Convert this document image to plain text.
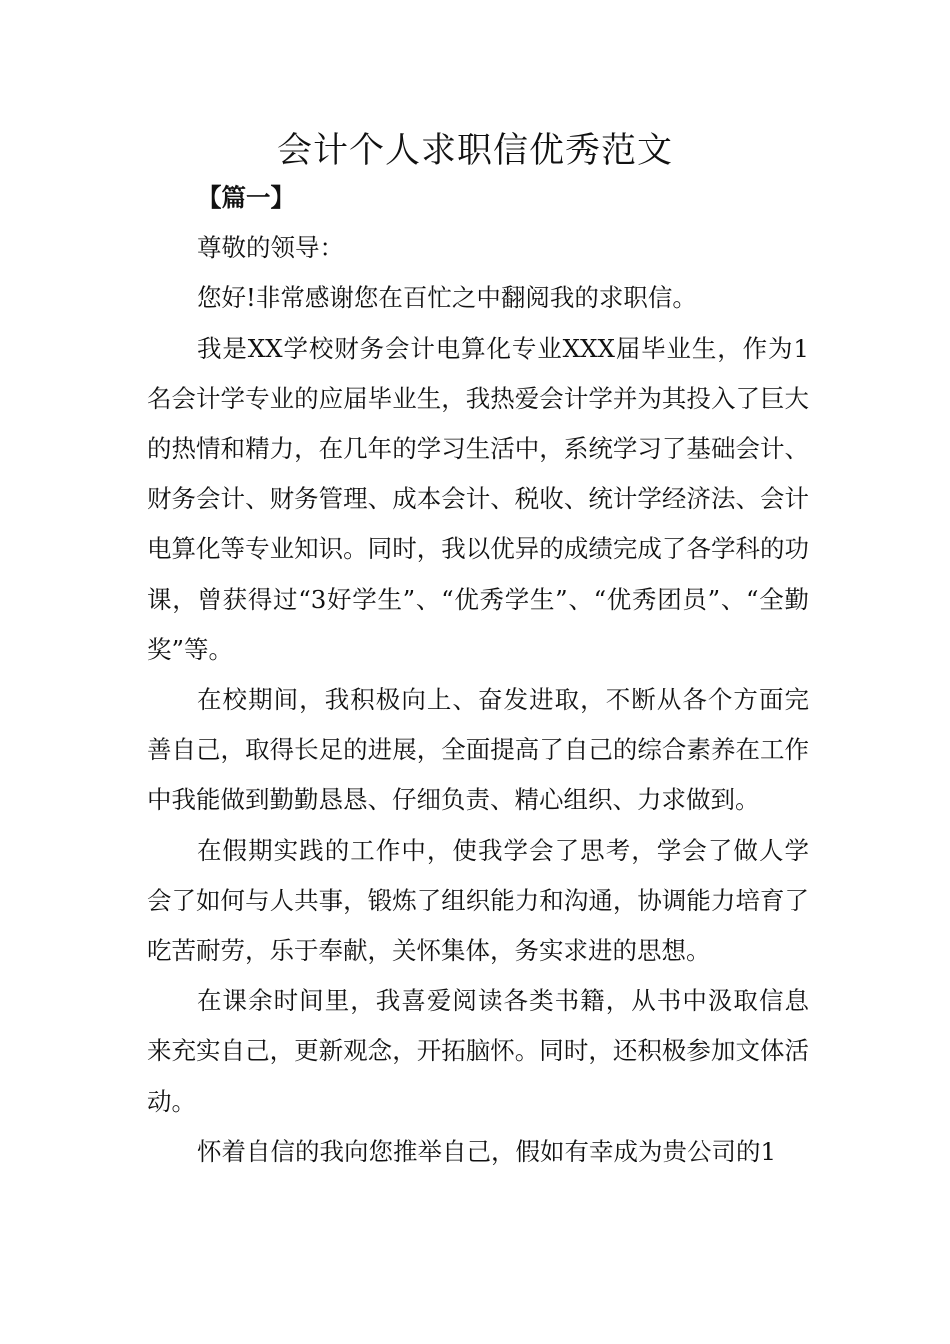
会计个人求职信优秀范文

【篇一】

尊敬的领导：

您好!非常感谢您在百忙之中翻阅我的求职信。

我是XX学校财务会计电算化专业XXX届毕业生，作为1名会计学专业的应届毕业生，我热爱会计学并为其投入了巨大的热情和精力，在几年的学习生活中，系统学习了基础会计、财务会计、财务管理、成本会计、税收、统计学经济法、会计电算化等专业知识。同时，我以优异的成绩完成了各学科的功课，曾获得过“3好学生”、“优秀学生”、“优秀团员”、“全勤奖”等。

在校期间，我积极向上、奋发进取，不断从各个方面完善自己，取得长足的进展，全面提高了自己的综合素养在工作中我能做到勤勤恳恳、仔细负责、精心组织、力求做到。

在假期实践的工作中，使我学会了思考，学会了做人学会了如何与人共事，锻炼了组织能力和沟通，协调能力培育了吃苦耐劳，乐于奉献，关怀集体，务实求进的思想。

在课余时间里，我喜爱阅读各类书籍，从书中汲取信息来充实自己，更新观念，开拓脑怀。同时，还积极参加文体活动。

怀着自信的我向您推举自己，假如有幸成为贵公司的1
